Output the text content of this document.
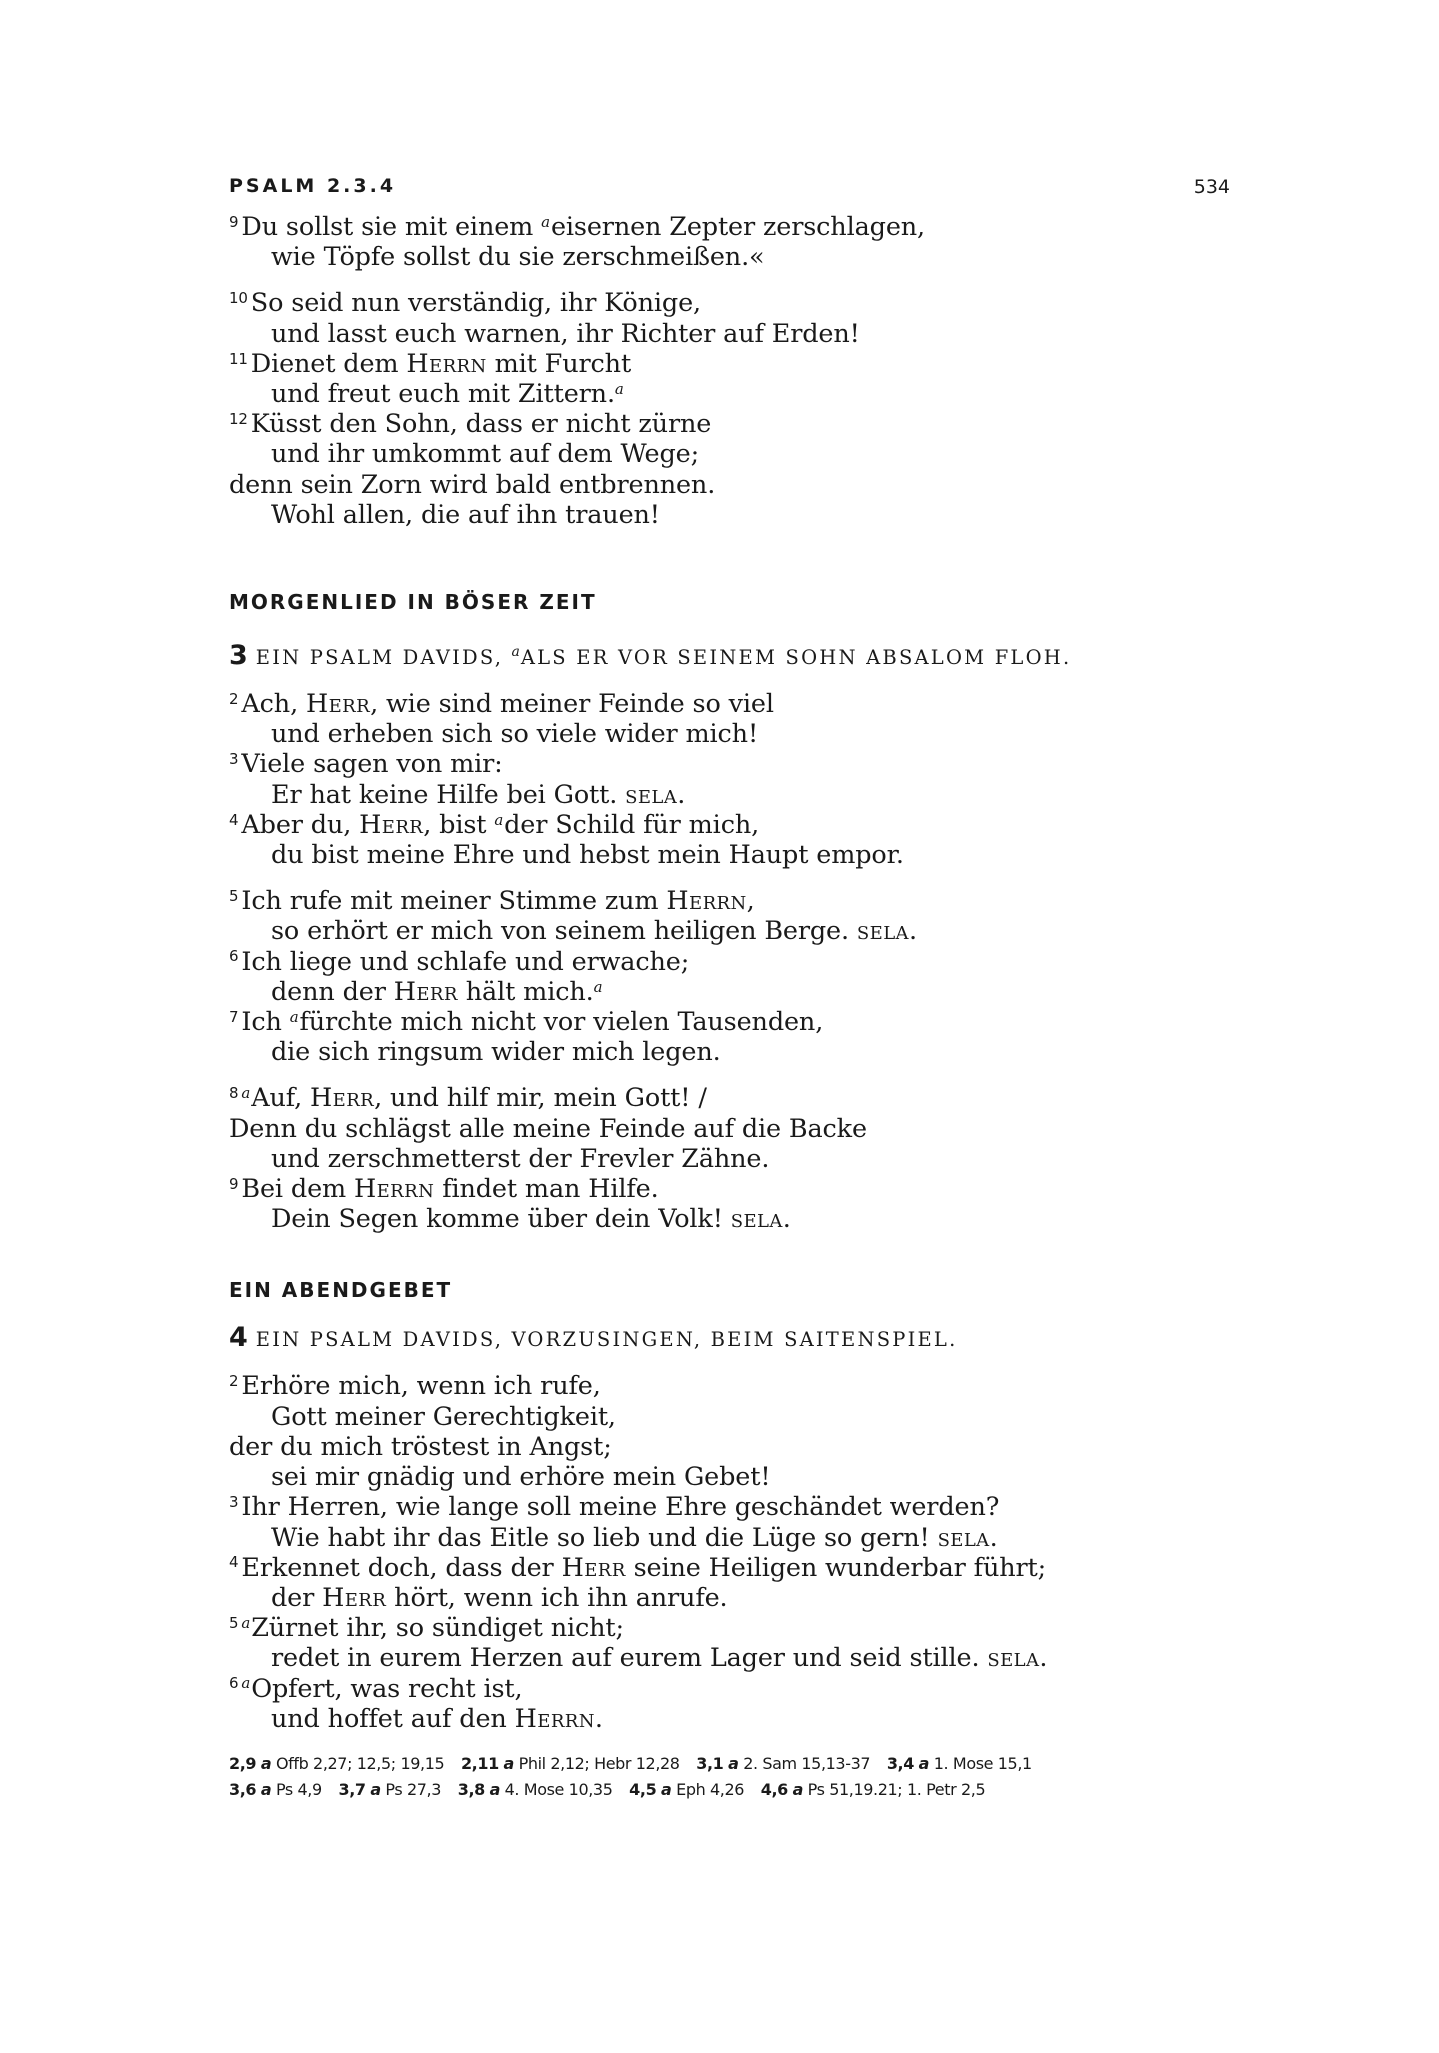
PSALM 2.3.4	534
$^9$ Du sollst sie mit einem $^a$eisernen Zepter zerschlagen,
wie Töpfe sollst du sie zerschmeißen.«
$^{10}$ So seid nun verständig, ihr Könige,
und lasst euch warnen, ihr Richter auf Erden!
$^{11}$ Dienet dem Herrn mit Furcht
und freut euch mit Zittern.$^a$
$^{12}$ Küsst den Sohn, dass er nicht zürne
und ihr umkommt auf dem Wege;
denn sein Zorn wird bald entbrennen.
Wohl allen, die auf ihn trauen!
MORGENLIED IN BÖSER ZEIT
3 EIN PSALM DAVIDS, $^a$ALS ER VOR SEINEM SOHN ABSALOM FLOH.
$^2$ Ach, Herr, wie sind meiner Feinde so viel
und erheben sich so viele wider mich!
$^3$ Viele sagen von mir:
Er hat keine Hilfe bei Gott. sela.
$^4$ Aber du, Herr, bist $^a$der Schild für mich,
du bist meine Ehre und hebst mein Haupt empor.
$^5$ Ich rufe mit meiner Stimme zum Herrn,
so erhört er mich von seinem heiligen Berge. sela.
$^6$ Ich liege und schlafe und erwache;
denn der Herr hält mich.$^a$
$^7$ Ich $^a$fürchte mich nicht vor vielen Tausenden,
die sich ringsum wider mich legen.
$^8$ $^a$Auf, Herr, und hilf mir, mein Gott! /
Denn du schlägst alle meine Feinde auf die Backe
und zerschmetterst der Frevler Zähne.
$^9$ Bei dem Herrn findet man Hilfe.
Dein Segen komme über dein Volk! sela.
EIN ABENDGEBET
4 EIN PSALM DAVIDS, VORZUSINGEN, BEIM SAITENSPIEL.
$^2$ Erhöre mich, wenn ich rufe,
Gott meiner Gerechtigkeit,
der du mich tröstest in Angst;
sei mir gnädig und erhöre mein Gebet!
$^3$ Ihr Herren, wie lange soll meine Ehre geschändet werden?
Wie habt ihr das Eitle so lieb und die Lüge so gern! sela.
$^4$ Erkennet doch, dass der Herr seine Heiligen wunderbar führt;
der Herr hört, wenn ich ihn anrufe.
$^5$ $^a$Zürnet ihr, so sündiget nicht;
redet in eurem Herzen auf eurem Lager und seid stille. sela.
$^6$ $^a$Opfert, was recht ist,
und hoffet auf den Herrn.
2,9 a Offb 2,27; 12,5; 19,15 2,11 a Phil 2,12; Hebr 12,28 3,1 a 2. Sam 15,13-37 3,4 a 1. Mose 15,1
3,6 a Ps 4,9 3,7 a Ps 27,3 3,8 a 4. Mose 10,35 4,5 a Eph 4,26 4,6 a Ps 51,19.21; 1. Petr 2,5
